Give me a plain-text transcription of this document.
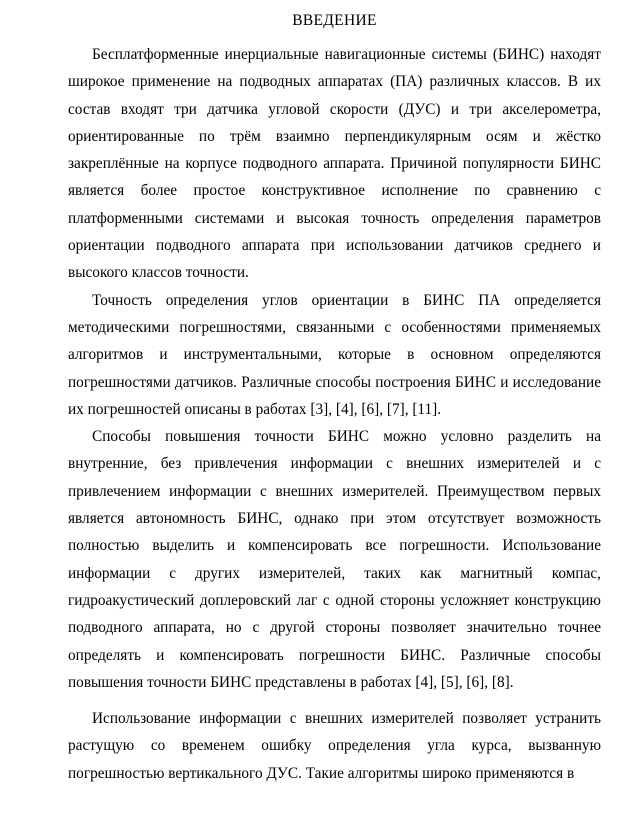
ВВЕДЕНИЕ

Бесплатформенные инерциальные навигационные системы (БИНС) находят широкое применение на подводных аппаратах (ПА) различных классов. В их состав входят три датчика угловой скорости (ДУС) и три акселерометра, ориентированные по трём взаимно перпендикулярным осям и жёстко закреплённые на корпусе подводного аппарата. Причиной популярности БИНС является более простое конструктивное исполнение по сравнению с платформенными системами и высокая точность определения параметров ориентации подводного аппарата при использовании датчиков среднего и высокого классов точности.

Точность определения углов ориентации в БИНС ПА определяется методическими погрешностями, связанными с особенностями применяемых алгоритмов и инструментальными, которые в основном определяются погрешностями датчиков. Различные способы построения БИНС и исследование их погрешностей описаны в работах [3], [4], [6], [7], [11].

Способы повышения точности БИНС можно условно разделить на внутренние, без привлечения информации с внешних измерителей и с привлечением информации с внешних измерителей. Преимуществом первых является автономность БИНС, однако при этом отсутствует возможность полностью выделить и компенсировать все погрешности. Использование информации с других измерителей, таких как магнитный компас, гидроакустический доплеровский лаг с одной стороны усложняет конструкцию подводного аппарата, но с другой стороны позволяет значительно точнее определять и компенсировать погрешности БИНС. Различные способы повышения точности БИНС представлены в работах [4], [5], [6], [8].

Использование информации с внешних измерителей позволяет устранить растущую со временем ошибку определения угла курса, вызванную погрешностью вертикального ДУС. Такие алгоритмы широко применяются в
